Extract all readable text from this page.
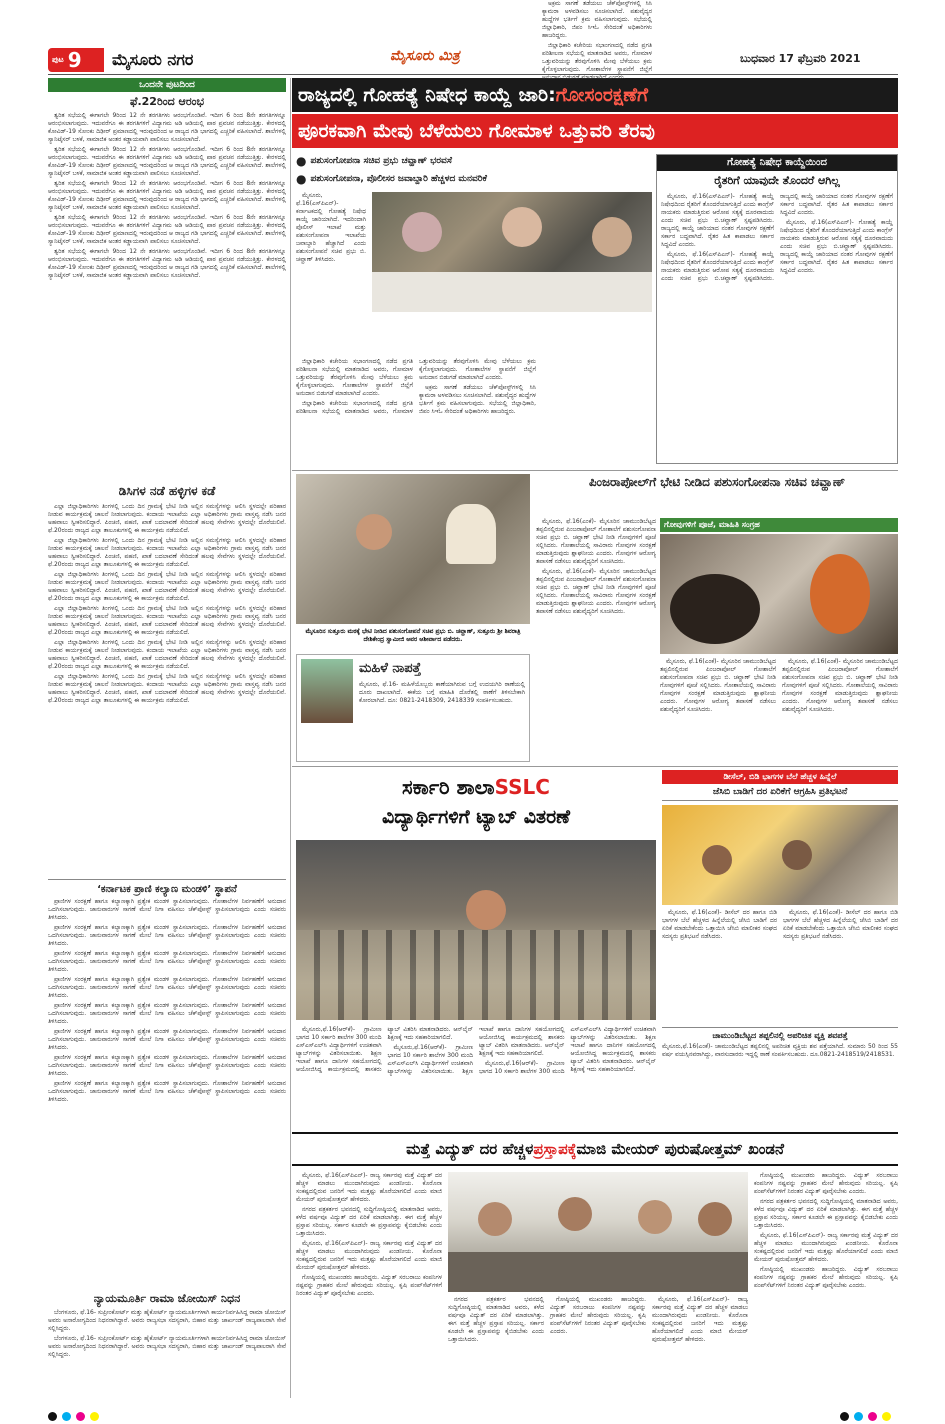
ಪುಟ 9 ಮೈಸೂರು ನಗರ	ಮೈಸೂರು ಮಿತ್ರ	ಬುಧವಾರ 17 ಫೆಬ್ರವರಿ 2021
ಒಂದನೇ ಪುಟದಿಂದ
ಫೆ.22ರಿಂದ ಆರಂಭ

ತ್ವರಿತ ಸಭೆಯಲ್ಲಿ ಈಗಾಗಲೇ 9ರಿಂದ 12 ನೇ ತರಗತಿಗಳು ಆರಂಭಗೊಂಡಿವೆ. ಇದೀಗ 6 ರಿಂದ 8ನೇ ತರಗತಿಗಳನ್ನೂ ಆರಂಭಿಸಲಾಗುವುದು. ಇದುವರೆಗೂ ಈ ತರಗತಿಗಳಿಗೆ ವಿದ್ಯಾಗಮ ಅಡಿ ಆಡಿಯಲ್ಲಿ ಪಾಠ ಪ್ರವಚನ ನಡೆಯುತ್ತಿತ್ತು. ಕೇರಳದಲ್ಲಿ ಕೋವಿಡ್-19 ಸೋಂಕು ದಿಢೀರ್ ಪ್ರಮಾಣದಲ್ಲಿ ಇರುವುದರಿಂದ ಆ ರಾಜ್ಯದ ಗಡಿ ಭಾಗದಲ್ಲಿ ಎಚ್ಚರಿಕೆ ವಹಿಸಲಾಗಿದೆ. ಶಾಲೆಗಳಲ್ಲಿ ಸ್ಯಾನಿಟೈಸರ್ ಬಳಕೆ, ಸಾಮಾಜಿಕ ಅಂತರ ಕಡ್ಡಾಯವಾಗಿ ಪಾಲಿಸಲು ಸೂಚಿಸಲಾಗಿದೆ.

ತ್ವರಿತ ಸಭೆಯಲ್ಲಿ ಈಗಾಗಲೇ 9ರಿಂದ 12 ನೇ ತರಗತಿಗಳು ಆರಂಭಗೊಂಡಿವೆ. ಇದೀಗ 6 ರಿಂದ 8ನೇ ತರಗತಿಗಳನ್ನೂ ಆರಂಭಿಸಲಾಗುವುದು. ಇದುವರೆಗೂ ಈ ತರಗತಿಗಳಿಗೆ ವಿದ್ಯಾಗಮ ಅಡಿ ಆಡಿಯಲ್ಲಿ ಪಾಠ ಪ್ರವಚನ ನಡೆಯುತ್ತಿತ್ತು. ಕೇರಳದಲ್ಲಿ ಕೋವಿಡ್-19 ಸೋಂಕು ದಿಢೀರ್ ಪ್ರಮಾಣದಲ್ಲಿ ಇರುವುದರಿಂದ ಆ ರಾಜ್ಯದ ಗಡಿ ಭಾಗದಲ್ಲಿ ಎಚ್ಚರಿಕೆ ವಹಿಸಲಾಗಿದೆ. ಶಾಲೆಗಳಲ್ಲಿ ಸ್ಯಾನಿಟೈಸರ್ ಬಳಕೆ, ಸಾಮಾಜಿಕ ಅಂತರ ಕಡ್ಡಾಯವಾಗಿ ಪಾಲಿಸಲು ಸೂಚಿಸಲಾಗಿದೆ.

ತ್ವರಿತ ಸಭೆಯಲ್ಲಿ ಈಗಾಗಲೇ 9ರಿಂದ 12 ನೇ ತರಗತಿಗಳು ಆರಂಭಗೊಂಡಿವೆ. ಇದೀಗ 6 ರಿಂದ 8ನೇ ತರಗತಿಗಳನ್ನೂ ಆರಂಭಿಸಲಾಗುವುದು. ಇದುವರೆಗೂ ಈ ತರಗತಿಗಳಿಗೆ ವಿದ್ಯಾಗಮ ಅಡಿ ಆಡಿಯಲ್ಲಿ ಪಾಠ ಪ್ರವಚನ ನಡೆಯುತ್ತಿತ್ತು. ಕೇರಳದಲ್ಲಿ ಕೋವಿಡ್-19 ಸೋಂಕು ದಿಢೀರ್ ಪ್ರಮಾಣದಲ್ಲಿ ಇರುವುದರಿಂದ ಆ ರಾಜ್ಯದ ಗಡಿ ಭಾಗದಲ್ಲಿ ಎಚ್ಚರಿಕೆ ವಹಿಸಲಾಗಿದೆ. ಶಾಲೆಗಳಲ್ಲಿ ಸ್ಯಾನಿಟೈಸರ್ ಬಳಕೆ, ಸಾಮಾಜಿಕ ಅಂತರ ಕಡ್ಡಾಯವಾಗಿ ಪಾಲಿಸಲು ಸೂಚಿಸಲಾಗಿದೆ.

ತ್ವರಿತ ಸಭೆಯಲ್ಲಿ ಈಗಾಗಲೇ 9ರಿಂದ 12 ನೇ ತರಗತಿಗಳು ಆರಂಭಗೊಂಡಿವೆ. ಇದೀಗ 6 ರಿಂದ 8ನೇ ತರಗತಿಗಳನ್ನೂ ಆರಂಭಿಸಲಾಗುವುದು. ಇದುವರೆಗೂ ಈ ತರಗತಿಗಳಿಗೆ ವಿದ್ಯಾಗಮ ಅಡಿ ಆಡಿಯಲ್ಲಿ ಪಾಠ ಪ್ರವಚನ ನಡೆಯುತ್ತಿತ್ತು. ಕೇರಳದಲ್ಲಿ ಕೋವಿಡ್-19 ಸೋಂಕು ದಿಢೀರ್ ಪ್ರಮಾಣದಲ್ಲಿ ಇರುವುದರಿಂದ ಆ ರಾಜ್ಯದ ಗಡಿ ಭಾಗದಲ್ಲಿ ಎಚ್ಚರಿಕೆ ವಹಿಸಲಾಗಿದೆ. ಶಾಲೆಗಳಲ್ಲಿ ಸ್ಯಾನಿಟೈಸರ್ ಬಳಕೆ, ಸಾಮಾಜಿಕ ಅಂತರ ಕಡ್ಡಾಯವಾಗಿ ಪಾಲಿಸಲು ಸೂಚಿಸಲಾಗಿದೆ.

ತ್ವರಿತ ಸಭೆಯಲ್ಲಿ ಈಗಾಗಲೇ 9ರಿಂದ 12 ನೇ ತರಗತಿಗಳು ಆರಂಭಗೊಂಡಿವೆ. ಇದೀಗ 6 ರಿಂದ 8ನೇ ತರಗತಿಗಳನ್ನೂ ಆರಂಭಿಸಲಾಗುವುದು. ಇದುವರೆಗೂ ಈ ತರಗತಿಗಳಿಗೆ ವಿದ್ಯಾಗಮ ಅಡಿ ಆಡಿಯಲ್ಲಿ ಪಾಠ ಪ್ರವಚನ ನಡೆಯುತ್ತಿತ್ತು. ಕೇರಳದಲ್ಲಿ ಕೋವಿಡ್-19 ಸೋಂಕು ದಿಢೀರ್ ಪ್ರಮಾಣದಲ್ಲಿ ಇರುವುದರಿಂದ ಆ ರಾಜ್ಯದ ಗಡಿ ಭಾಗದಲ್ಲಿ ಎಚ್ಚರಿಕೆ ವಹಿಸಲಾಗಿದೆ. ಶಾಲೆಗಳಲ್ಲಿ ಸ್ಯಾನಿಟೈಸರ್ ಬಳಕೆ, ಸಾಮಾಜಿಕ ಅಂತರ ಕಡ್ಡಾಯವಾಗಿ ಪಾಲಿಸಲು ಸೂಚಿಸಲಾಗಿದೆ.

ಡಿಸಿಗಳ ನಡೆ ಹಳ್ಳಿಗಳ ಕಡೆ

ಎಲ್ಲಾ ಜಿಲ್ಲಾಧಿಕಾರಿಗಳು ತಿಂಗಳಲ್ಲಿ ಒಂದು ದಿನ ಗ್ರಾಮಕ್ಕೆ ಭೇಟಿ ನೀಡಿ ಅಲ್ಲಿನ ಸಮಸ್ಯೆಗಳನ್ನು ಆಲಿಸಿ ಸ್ಥಳದಲ್ಲೇ ಪರಿಹಾರ ನೀಡುವ ಕಾರ್ಯಕ್ರಮಕ್ಕೆ ಚಾಲನೆ ನೀಡಲಾಗುವುದು. ಕಂದಾಯ ಇಲಾಖೆಯ ಎಲ್ಲಾ ಅಧಿಕಾರಿಗಳು ಗ್ರಾಮ ವಾಸ್ತವ್ಯ ನಡೆಸಿ ಜನರ ಅಹವಾಲು ಸ್ವೀಕರಿಸಲಿದ್ದಾರೆ. ಪಿಂಚಣಿ, ಪಹಣಿ, ಖಾತೆ ಬದಲಾವಣೆ ಸೇರಿದಂತೆ ಹಲವು ಸೇವೆಗಳು ಸ್ಥಳದಲ್ಲೇ ದೊರೆಯಲಿವೆ. ಫೆ.20ರಂದು ರಾಜ್ಯದ ಎಲ್ಲಾ ತಾಲೂಕುಗಳಲ್ಲಿ ಈ ಕಾರ್ಯಕ್ರಮ ನಡೆಯಲಿದೆ.

ಎಲ್ಲಾ ಜಿಲ್ಲಾಧಿಕಾರಿಗಳು ತಿಂಗಳಲ್ಲಿ ಒಂದು ದಿನ ಗ್ರಾಮಕ್ಕೆ ಭೇಟಿ ನೀಡಿ ಅಲ್ಲಿನ ಸಮಸ್ಯೆಗಳನ್ನು ಆಲಿಸಿ ಸ್ಥಳದಲ್ಲೇ ಪರಿಹಾರ ನೀಡುವ ಕಾರ್ಯಕ್ರಮಕ್ಕೆ ಚಾಲನೆ ನೀಡಲಾಗುವುದು. ಕಂದಾಯ ಇಲಾಖೆಯ ಎಲ್ಲಾ ಅಧಿಕಾರಿಗಳು ಗ್ರಾಮ ವಾಸ್ತವ್ಯ ನಡೆಸಿ ಜನರ ಅಹವಾಲು ಸ್ವೀಕರಿಸಲಿದ್ದಾರೆ. ಪಿಂಚಣಿ, ಪಹಣಿ, ಖಾತೆ ಬದಲಾವಣೆ ಸೇರಿದಂತೆ ಹಲವು ಸೇವೆಗಳು ಸ್ಥಳದಲ್ಲೇ ದೊರೆಯಲಿವೆ. ಫೆ.20ರಂದು ರಾಜ್ಯದ ಎಲ್ಲಾ ತಾಲೂಕುಗಳಲ್ಲಿ ಈ ಕಾರ್ಯಕ್ರಮ ನಡೆಯಲಿದೆ.

ಎಲ್ಲಾ ಜಿಲ್ಲಾಧಿಕಾರಿಗಳು ತಿಂಗಳಲ್ಲಿ ಒಂದು ದಿನ ಗ್ರಾಮಕ್ಕೆ ಭೇಟಿ ನೀಡಿ ಅಲ್ಲಿನ ಸಮಸ್ಯೆಗಳನ್ನು ಆಲಿಸಿ ಸ್ಥಳದಲ್ಲೇ ಪರಿಹಾರ ನೀಡುವ ಕಾರ್ಯಕ್ರಮಕ್ಕೆ ಚಾಲನೆ ನೀಡಲಾಗುವುದು. ಕಂದಾಯ ಇಲಾಖೆಯ ಎಲ್ಲಾ ಅಧಿಕಾರಿಗಳು ಗ್ರಾಮ ವಾಸ್ತವ್ಯ ನಡೆಸಿ ಜನರ ಅಹವಾಲು ಸ್ವೀಕರಿಸಲಿದ್ದಾರೆ. ಪಿಂಚಣಿ, ಪಹಣಿ, ಖಾತೆ ಬದಲಾವಣೆ ಸೇರಿದಂತೆ ಹಲವು ಸೇವೆಗಳು ಸ್ಥಳದಲ್ಲೇ ದೊರೆಯಲಿವೆ. ಫೆ.20ರಂದು ರಾಜ್ಯದ ಎಲ್ಲಾ ತಾಲೂಕುಗಳಲ್ಲಿ ಈ ಕಾರ್ಯಕ್ರಮ ನಡೆಯಲಿದೆ.

ಎಲ್ಲಾ ಜಿಲ್ಲಾಧಿಕಾರಿಗಳು ತಿಂಗಳಲ್ಲಿ ಒಂದು ದಿನ ಗ್ರಾಮಕ್ಕೆ ಭೇಟಿ ನೀಡಿ ಅಲ್ಲಿನ ಸಮಸ್ಯೆಗಳನ್ನು ಆಲಿಸಿ ಸ್ಥಳದಲ್ಲೇ ಪರಿಹಾರ ನೀಡುವ ಕಾರ್ಯಕ್ರಮಕ್ಕೆ ಚಾಲನೆ ನೀಡಲಾಗುವುದು. ಕಂದಾಯ ಇಲಾಖೆಯ ಎಲ್ಲಾ ಅಧಿಕಾರಿಗಳು ಗ್ರಾಮ ವಾಸ್ತವ್ಯ ನಡೆಸಿ ಜನರ ಅಹವಾಲು ಸ್ವೀಕರಿಸಲಿದ್ದಾರೆ. ಪಿಂಚಣಿ, ಪಹಣಿ, ಖಾತೆ ಬದಲಾವಣೆ ಸೇರಿದಂತೆ ಹಲವು ಸೇವೆಗಳು ಸ್ಥಳದಲ್ಲೇ ದೊರೆಯಲಿವೆ. ಫೆ.20ರಂದು ರಾಜ್ಯದ ಎಲ್ಲಾ ತಾಲೂಕುಗಳಲ್ಲಿ ಈ ಕಾರ್ಯಕ್ರಮ ನಡೆಯಲಿದೆ.

ಎಲ್ಲಾ ಜಿಲ್ಲಾಧಿಕಾರಿಗಳು ತಿಂಗಳಲ್ಲಿ ಒಂದು ದಿನ ಗ್ರಾಮಕ್ಕೆ ಭೇಟಿ ನೀಡಿ ಅಲ್ಲಿನ ಸಮಸ್ಯೆಗಳನ್ನು ಆಲಿಸಿ ಸ್ಥಳದಲ್ಲೇ ಪರಿಹಾರ ನೀಡುವ ಕಾರ್ಯಕ್ರಮಕ್ಕೆ ಚಾಲನೆ ನೀಡಲಾಗುವುದು. ಕಂದಾಯ ಇಲಾಖೆಯ ಎಲ್ಲಾ ಅಧಿಕಾರಿಗಳು ಗ್ರಾಮ ವಾಸ್ತವ್ಯ ನಡೆಸಿ ಜನರ ಅಹವಾಲು ಸ್ವೀಕರಿಸಲಿದ್ದಾರೆ. ಪಿಂಚಣಿ, ಪಹಣಿ, ಖಾತೆ ಬದಲಾವಣೆ ಸೇರಿದಂತೆ ಹಲವು ಸೇವೆಗಳು ಸ್ಥಳದಲ್ಲೇ ದೊರೆಯಲಿವೆ. ಫೆ.20ರಂದು ರಾಜ್ಯದ ಎಲ್ಲಾ ತಾಲೂಕುಗಳಲ್ಲಿ ಈ ಕಾರ್ಯಕ್ರಮ ನಡೆಯಲಿದೆ.

ಎಲ್ಲಾ ಜಿಲ್ಲಾಧಿಕಾರಿಗಳು ತಿಂಗಳಲ್ಲಿ ಒಂದು ದಿನ ಗ್ರಾಮಕ್ಕೆ ಭೇಟಿ ನೀಡಿ ಅಲ್ಲಿನ ಸಮಸ್ಯೆಗಳನ್ನು ಆಲಿಸಿ ಸ್ಥಳದಲ್ಲೇ ಪರಿಹಾರ ನೀಡುವ ಕಾರ್ಯಕ್ರಮಕ್ಕೆ ಚಾಲನೆ ನೀಡಲಾಗುವುದು. ಕಂದಾಯ ಇಲಾಖೆಯ ಎಲ್ಲಾ ಅಧಿಕಾರಿಗಳು ಗ್ರಾಮ ವಾಸ್ತವ್ಯ ನಡೆಸಿ ಜನರ ಅಹವಾಲು ಸ್ವೀಕರಿಸಲಿದ್ದಾರೆ. ಪಿಂಚಣಿ, ಪಹಣಿ, ಖಾತೆ ಬದಲಾವಣೆ ಸೇರಿದಂತೆ ಹಲವು ಸೇವೆಗಳು ಸ್ಥಳದಲ್ಲೇ ದೊರೆಯಲಿವೆ. ಫೆ.20ರಂದು ರಾಜ್ಯದ ಎಲ್ಲಾ ತಾಲೂಕುಗಳಲ್ಲಿ ಈ ಕಾರ್ಯಕ್ರಮ ನಡೆಯಲಿದೆ.

‘ಕರ್ನಾಟಕ ಪ್ರಾಣಿ ಕಲ್ಯಾಣ ಮಂಡಳಿ’ ಸ್ಥಾಪನೆ

ಪ್ರಾಣಿಗಳ ಸಂರಕ್ಷಣೆ ಹಾಗೂ ಕಲ್ಯಾಣಕ್ಕಾಗಿ ಪ್ರತ್ಯೇಕ ಮಂಡಳಿ ಸ್ಥಾಪಿಸಲಾಗುವುದು. ಗೋಶಾಲೆಗಳ ನಿರ್ವಹಣೆಗೆ ಅನುದಾನ ಒದಗಿಸಲಾಗುವುದು. ಜಾನುವಾರುಗಳ ಸಾಗಣೆ ಮೇಲೆ ನಿಗಾ ವಹಿಸಲು ಚೆಕ್‌ಪೋಸ್ಟ್ ಸ್ಥಾಪಿಸಲಾಗುವುದು ಎಂದು ಸಚಿವರು ತಿಳಿಸಿದರು.

ಪ್ರಾಣಿಗಳ ಸಂರಕ್ಷಣೆ ಹಾಗೂ ಕಲ್ಯಾಣಕ್ಕಾಗಿ ಪ್ರತ್ಯೇಕ ಮಂಡಳಿ ಸ್ಥಾಪಿಸಲಾಗುವುದು. ಗೋಶಾಲೆಗಳ ನಿರ್ವಹಣೆಗೆ ಅನುದಾನ ಒದಗಿಸಲಾಗುವುದು. ಜಾನುವಾರುಗಳ ಸಾಗಣೆ ಮೇಲೆ ನಿಗಾ ವಹಿಸಲು ಚೆಕ್‌ಪೋಸ್ಟ್ ಸ್ಥಾಪಿಸಲಾಗುವುದು ಎಂದು ಸಚಿವರು ತಿಳಿಸಿದರು.

ಪ್ರಾಣಿಗಳ ಸಂರಕ್ಷಣೆ ಹಾಗೂ ಕಲ್ಯಾಣಕ್ಕಾಗಿ ಪ್ರತ್ಯೇಕ ಮಂಡಳಿ ಸ್ಥಾಪಿಸಲಾಗುವುದು. ಗೋಶಾಲೆಗಳ ನಿರ್ವಹಣೆಗೆ ಅನುದಾನ ಒದಗಿಸಲಾಗುವುದು. ಜಾನುವಾರುಗಳ ಸಾಗಣೆ ಮೇಲೆ ನಿಗಾ ವಹಿಸಲು ಚೆಕ್‌ಪೋಸ್ಟ್ ಸ್ಥಾಪಿಸಲಾಗುವುದು ಎಂದು ಸಚಿವರು ತಿಳಿಸಿದರು.

ಪ್ರಾಣಿಗಳ ಸಂರಕ್ಷಣೆ ಹಾಗೂ ಕಲ್ಯಾಣಕ್ಕಾಗಿ ಪ್ರತ್ಯೇಕ ಮಂಡಳಿ ಸ್ಥಾಪಿಸಲಾಗುವುದು. ಗೋಶಾಲೆಗಳ ನಿರ್ವಹಣೆಗೆ ಅನುದಾನ ಒದಗಿಸಲಾಗುವುದು. ಜಾನುವಾರುಗಳ ಸಾಗಣೆ ಮೇಲೆ ನಿಗಾ ವಹಿಸಲು ಚೆಕ್‌ಪೋಸ್ಟ್ ಸ್ಥಾಪಿಸಲಾಗುವುದು ಎಂದು ಸಚಿವರು ತಿಳಿಸಿದರು.

ಪ್ರಾಣಿಗಳ ಸಂರಕ್ಷಣೆ ಹಾಗೂ ಕಲ್ಯಾಣಕ್ಕಾಗಿ ಪ್ರತ್ಯೇಕ ಮಂಡಳಿ ಸ್ಥಾಪಿಸಲಾಗುವುದು. ಗೋಶಾಲೆಗಳ ನಿರ್ವಹಣೆಗೆ ಅನುದಾನ ಒದಗಿಸಲಾಗುವುದು. ಜಾನುವಾರುಗಳ ಸಾಗಣೆ ಮೇಲೆ ನಿಗಾ ವಹಿಸಲು ಚೆಕ್‌ಪೋಸ್ಟ್ ಸ್ಥಾಪಿಸಲಾಗುವುದು ಎಂದು ಸಚಿವರು ತಿಳಿಸಿದರು.

ಪ್ರಾಣಿಗಳ ಸಂರಕ್ಷಣೆ ಹಾಗೂ ಕಲ್ಯಾಣಕ್ಕಾಗಿ ಪ್ರತ್ಯೇಕ ಮಂಡಳಿ ಸ್ಥಾಪಿಸಲಾಗುವುದು. ಗೋಶಾಲೆಗಳ ನಿರ್ವಹಣೆಗೆ ಅನುದಾನ ಒದಗಿಸಲಾಗುವುದು. ಜಾನುವಾರುಗಳ ಸಾಗಣೆ ಮೇಲೆ ನಿಗಾ ವಹಿಸಲು ಚೆಕ್‌ಪೋಸ್ಟ್ ಸ್ಥಾಪಿಸಲಾಗುವುದು ಎಂದು ಸಚಿವರು ತಿಳಿಸಿದರು.

ಪ್ರಾಣಿಗಳ ಸಂರಕ್ಷಣೆ ಹಾಗೂ ಕಲ್ಯಾಣಕ್ಕಾಗಿ ಪ್ರತ್ಯೇಕ ಮಂಡಳಿ ಸ್ಥಾಪಿಸಲಾಗುವುದು. ಗೋಶಾಲೆಗಳ ನಿರ್ವಹಣೆಗೆ ಅನುದಾನ ಒದಗಿಸಲಾಗುವುದು. ಜಾನುವಾರುಗಳ ಸಾಗಣೆ ಮೇಲೆ ನಿಗಾ ವಹಿಸಲು ಚೆಕ್‌ಪೋಸ್ಟ್ ಸ್ಥಾಪಿಸಲಾಗುವುದು ಎಂದು ಸಚಿವರು ತಿಳಿಸಿದರು.

ಪ್ರಾಣಿಗಳ ಸಂರಕ್ಷಣೆ ಹಾಗೂ ಕಲ್ಯಾಣಕ್ಕಾಗಿ ಪ್ರತ್ಯೇಕ ಮಂಡಳಿ ಸ್ಥಾಪಿಸಲಾಗುವುದು. ಗೋಶಾಲೆಗಳ ನಿರ್ವಹಣೆಗೆ ಅನುದಾನ ಒದಗಿಸಲಾಗುವುದು. ಜಾನುವಾರುಗಳ ಸಾಗಣೆ ಮೇಲೆ ನಿಗಾ ವಹಿಸಲು ಚೆಕ್‌ಪೋಸ್ಟ್ ಸ್ಥಾಪಿಸಲಾಗುವುದು ಎಂದು ಸಚಿವರು ತಿಳಿಸಿದರು.

ನ್ಯಾಯಮೂರ್ತಿ ರಾಮಾ ಜೋಯಿಸ್ ನಿಧನ

ಬೆಂಗಳೂರು, ಫೆ.16- ಸುಪ್ರೀಂಕೋರ್ಟ್ ಮತ್ತು ಹೈಕೋರ್ಟ್ ನ್ಯಾಯಮೂರ್ತಿಗಳಾಗಿ ಕಾರ್ಯನಿರ್ವಹಿಸಿದ್ದ ರಾಮಾ ಜೋಯಿಸ್ ಅವರು ಅನಾರೋಗ್ಯದಿಂದ ನಿಧನರಾಗಿದ್ದಾರೆ. ಅವರು ರಾಜ್ಯಸಭಾ ಸದಸ್ಯರಾಗಿ, ಬಿಹಾರ ಮತ್ತು ಜಾರ್ಖಂಡ್ ರಾಜ್ಯಪಾಲರಾಗಿ ಸೇವೆ ಸಲ್ಲಿಸಿದ್ದರು.

ಬೆಂಗಳೂರು, ಫೆ.16- ಸುಪ್ರೀಂಕೋರ್ಟ್ ಮತ್ತು ಹೈಕೋರ್ಟ್ ನ್ಯಾಯಮೂರ್ತಿಗಳಾಗಿ ಕಾರ್ಯನಿರ್ವಹಿಸಿದ್ದ ರಾಮಾ ಜೋಯಿಸ್ ಅವರು ಅನಾರೋಗ್ಯದಿಂದ ನಿಧನರಾಗಿದ್ದಾರೆ. ಅವರು ರಾಜ್ಯಸಭಾ ಸದಸ್ಯರಾಗಿ, ಬಿಹಾರ ಮತ್ತು ಜಾರ್ಖಂಡ್ ರಾಜ್ಯಪಾಲರಾಗಿ ಸೇವೆ ಸಲ್ಲಿಸಿದ್ದರು.

ರಾಜ್ಯದಲ್ಲಿ ಗೋಹತ್ಯೆ ನಿಷೇಧ ಕಾಯ್ದೆ ಜಾರಿ: ಗೋಸಂರಕ್ಷಣೆಗೆ
ಪೂರಕವಾಗಿ ಮೇವು ಬೆಳೆಯಲು ಗೋಮಾಳ ಒತ್ತುವರಿ ತೆರವು
● ಪಶುಸಂಗೋಪನಾ ಸಚಿವ ಪ್ರಭು ಚವ್ಹಾಣ್ ಭರವಸೆ
● ಪಶುಸಂಗೋಪನಾ, ಪೊಲೀಸರ ಜವಾಬ್ದಾರಿ ಹೆಚ್ಚಳದ ಮನವರಿಕೆ

ಮೈಸೂರು, ಫೆ.16(ಎಸ್‌ಪಿಎನ್)- ಕರ್ನಾಟಕದಲ್ಲಿ ಗೋಹತ್ಯೆ ನಿಷೇಧ ಕಾಯ್ದೆ ಜಾರಿಯಾಗಿದೆ. ಇದರಿಂದಾಗಿ ಪೊಲೀಸ್ ಇಲಾಖೆ ಮತ್ತು ಪಶುಸಂಗೋಪನಾ ಇಲಾಖೆಯ ಜವಾಬ್ದಾರಿ ಹೆಚ್ಚಾಗಿದೆ ಎಂದು ಪಶುಸಂಗೋಪನೆ ಸಚಿವ ಪ್ರಭು ಬಿ. ಚವ್ಹಾಣ್ ತಿಳಿಸಿದರು.

ಜಿಲ್ಲಾಧಿಕಾರಿ ಕಚೇರಿಯ ಸಭಾಂಗಣದಲ್ಲಿ ನಡೆದ ಪ್ರಗತಿ ಪರಿಶೀಲನಾ ಸಭೆಯಲ್ಲಿ ಮಾತನಾಡಿದ ಅವರು, ಗೋಮಾಳ ಒತ್ತುವರಿಯನ್ನು ತೆರವುಗೊಳಿಸಿ ಮೇವು ಬೆಳೆಯಲು ಕ್ರಮ ಕೈಗೊಳ್ಳಲಾಗುವುದು. ಗೋಶಾಲೆಗಳ ಸ್ಥಾಪನೆಗೆ ಜಿಲ್ಲೆಗೆ ಅನುದಾನ ಬಿಡುಗಡೆ ಮಾಡಲಾಗಿದೆ ಎಂದರು.

ಜಿಲ್ಲಾಧಿಕಾರಿ ಕಚೇರಿಯ ಸಭಾಂಗಣದಲ್ಲಿ ನಡೆದ ಪ್ರಗತಿ ಪರಿಶೀಲನಾ ಸಭೆಯಲ್ಲಿ ಮಾತನಾಡಿದ ಅವರು, ಗೋಮಾಳ ಒತ್ತುವರಿಯನ್ನು ತೆರವುಗೊಳಿಸಿ ಮೇವು ಬೆಳೆಯಲು ಕ್ರಮ ಕೈಗೊಳ್ಳಲಾಗುವುದು. ಗೋಶಾಲೆಗಳ ಸ್ಥಾಪನೆಗೆ ಜಿಲ್ಲೆಗೆ ಅನುದಾನ ಬಿಡುಗಡೆ ಮಾಡಲಾಗಿದೆ ಎಂದರು.

ಅಕ್ರಮ ಸಾಗಣೆ ತಡೆಯಲು ಚೆಕ್‌ಪೋಸ್ಟ್‌ಗಳಲ್ಲಿ ಸಿಸಿ ಕ್ಯಾಮರಾ ಅಳವಡಿಸಲು ಸೂಚಿಸಲಾಗಿದೆ. ಪಶುವೈದ್ಯರ ಹುದ್ದೆಗಳ ಭರ್ತಿಗೆ ಕ್ರಮ ವಹಿಸಲಾಗುವುದು. ಸಭೆಯಲ್ಲಿ ಜಿಲ್ಲಾಧಿಕಾರಿ, ಜಿಪಂ ಸಿಇಓ ಸೇರಿದಂತೆ ಅಧಿಕಾರಿಗಳು ಹಾಜರಿದ್ದರು.

ಅಕ್ರಮ ಸಾಗಣೆ ತಡೆಯಲು ಚೆಕ್‌ಪೋಸ್ಟ್‌ಗಳಲ್ಲಿ ಸಿಸಿ ಕ್ಯಾಮರಾ ಅಳವಡಿಸಲು ಸೂಚಿಸಲಾಗಿದೆ. ಪಶುವೈದ್ಯರ ಹುದ್ದೆಗಳ ಭರ್ತಿಗೆ ಕ್ರಮ ವಹಿಸಲಾಗುವುದು. ಸಭೆಯಲ್ಲಿ ಜಿಲ್ಲಾಧಿಕಾರಿ, ಜಿಪಂ ಸಿಇಓ ಸೇರಿದಂತೆ ಅಧಿಕಾರಿಗಳು ಹಾಜರಿದ್ದರು.

ಜಿಲ್ಲಾಧಿಕಾರಿ ಕಚೇರಿಯ ಸಭಾಂಗಣದಲ್ಲಿ ನಡೆದ ಪ್ರಗತಿ ಪರಿಶೀಲನಾ ಸಭೆಯಲ್ಲಿ ಮಾತನಾಡಿದ ಅವರು, ಗೋಮಾಳ ಒತ್ತುವರಿಯನ್ನು ತೆರವುಗೊಳಿಸಿ ಮೇವು ಬೆಳೆಯಲು ಕ್ರಮ ಕೈಗೊಳ್ಳಲಾಗುವುದು. ಗೋಶಾಲೆಗಳ ಸ್ಥಾಪನೆಗೆ ಜಿಲ್ಲೆಗೆ ಅನುದಾನ ಬಿಡುಗಡೆ ಮಾಡಲಾಗಿದೆ ಎಂದರು.

ಗೋಹತ್ಯೆ ನಿಷೇಧ ಕಾಯ್ದೆಯಿಂದ
ರೈತರಿಗೆ ಯಾವುದೇ ತೊಂದರೆ ಆಗಿಲ್ಲ

ಮೈಸೂರು, ಫೆ.16(ಎಸ್‌ಪಿಎನ್)- ಗೋಹತ್ಯೆ ಕಾಯ್ದೆ ನಿಷೇಧದಿಂದ ರೈತರಿಗೆ ತೊಂದರೆಯಾಗುತ್ತಿದೆ ಎಂದು ಕಾಂಗ್ರೆಸ್ ನಾಯಕರು ಮಾಡುತ್ತಿರುವ ಆರೋಪ ಸತ್ಯಕ್ಕೆ ದೂರವಾದುದು ಎಂದು ಸಚಿವ ಪ್ರಭು ಬಿ.ಚವ್ಹಾಣ್ ಸ್ಪಷ್ಟಪಡಿಸಿದರು. ರಾಜ್ಯದಲ್ಲಿ ಕಾಯ್ದೆ ಜಾರಿಯಾದ ನಂತರ ಗೋವುಗಳ ರಕ್ಷಣೆಗೆ ಸರ್ಕಾರ ಬದ್ಧವಾಗಿದೆ. ರೈತರ ಹಿತ ಕಾಪಾಡಲು ಸರ್ಕಾರ ಸಿದ್ಧವಿದೆ ಎಂದರು.

ಮೈಸೂರು, ಫೆ.16(ಎಸ್‌ಪಿಎನ್)- ಗೋಹತ್ಯೆ ಕಾಯ್ದೆ ನಿಷೇಧದಿಂದ ರೈತರಿಗೆ ತೊಂದರೆಯಾಗುತ್ತಿದೆ ಎಂದು ಕಾಂಗ್ರೆಸ್ ನಾಯಕರು ಮಾಡುತ್ತಿರುವ ಆರೋಪ ಸತ್ಯಕ್ಕೆ ದೂರವಾದುದು ಎಂದು ಸಚಿವ ಪ್ರಭು ಬಿ.ಚವ್ಹಾಣ್ ಸ್ಪಷ್ಟಪಡಿಸಿದರು. ರಾಜ್ಯದಲ್ಲಿ ಕಾಯ್ದೆ ಜಾರಿಯಾದ ನಂತರ ಗೋವುಗಳ ರಕ್ಷಣೆಗೆ ಸರ್ಕಾರ ಬದ್ಧವಾಗಿದೆ. ರೈತರ ಹಿತ ಕಾಪಾಡಲು ಸರ್ಕಾರ ಸಿದ್ಧವಿದೆ ಎಂದರು.

ಮೈಸೂರು, ಫೆ.16(ಎಸ್‌ಪಿಎನ್)- ಗೋಹತ್ಯೆ ಕಾಯ್ದೆ ನಿಷೇಧದಿಂದ ರೈತರಿಗೆ ತೊಂದರೆಯಾಗುತ್ತಿದೆ ಎಂದು ಕಾಂಗ್ರೆಸ್ ನಾಯಕರು ಮಾಡುತ್ತಿರುವ ಆರೋಪ ಸತ್ಯಕ್ಕೆ ದೂರವಾದುದು ಎಂದು ಸಚಿವ ಪ್ರಭು ಬಿ.ಚವ್ಹಾಣ್ ಸ್ಪಷ್ಟಪಡಿಸಿದರು. ರಾಜ್ಯದಲ್ಲಿ ಕಾಯ್ದೆ ಜಾರಿಯಾದ ನಂತರ ಗೋವುಗಳ ರಕ್ಷಣೆಗೆ ಸರ್ಕಾರ ಬದ್ಧವಾಗಿದೆ. ರೈತರ ಹಿತ ಕಾಪಾಡಲು ಸರ್ಕಾರ ಸಿದ್ಧವಿದೆ ಎಂದರು.

ಮೈಸೂರಿನ ಸುತ್ತೂರು ಮಠಕ್ಕೆ ಭೇಟಿ ನೀಡಿದ ಪಶುಸಂಗೋಪನೆ ಸಚಿವ ಪ್ರಭು ಬಿ. ಚವ್ಹಾಣ್, ಸುತ್ತೂರು ಶ್ರೀ ಶಿವರಾತ್ರಿ ದೇಶಿಕೇಂದ್ರ ಸ್ವಾಮೀಜಿ ಅವರ ಆಶೀರ್ವಾದ ಪಡೆದರು.
ಮಹಿಳೆ ನಾಪತ್ತೆ
ಮೈಸೂರು, ಫೆ.16- ಮಹಿಳೆಯೊಬ್ಬರು ಕಾಣೆಯಾಗಿರುವ ಬಗ್ಗೆ ಉದಯಗಿರಿ ಠಾಣೆಯಲ್ಲಿ ದೂರು ದಾಖಲಾಗಿದೆ. ಈಕೆಯ ಬಗ್ಗೆ ಮಾಹಿತಿ ದೊರೆತಲ್ಲಿ ಠಾಣೆಗೆ ತಿಳಿಸಬೇಕಾಗಿ ಕೋರಲಾಗಿದೆ. ದೂ: 0821-2418309, 2418339 ಸಂಪರ್ಕಿಸಬಹುದು.
ಪಿಂಜರಾಪೋಲ್‌ಗೆ ಭೇಟಿ ನೀಡಿದ ಪಶುಸಂಗೋಪನಾ ಸಚಿವ ಚವ್ಹಾಣ್

ಮೈಸೂರು, ಫೆ.16(ಎಂಕೆ)- ಮೈಸೂರಿನ ಚಾಮುಂಡಿಬೆಟ್ಟದ ತಪ್ಪಲಿನಲ್ಲಿರುವ ಪಿಂಜರಾಪೋಲ್ ಗೋಶಾಲೆಗೆ ಪಶುಸಂಗೋಪನಾ ಸಚಿವ ಪ್ರಭು ಬಿ. ಚವ್ಹಾಣ್ ಭೇಟಿ ನೀಡಿ ಗೋವುಗಳಿಗೆ ಪೂಜೆ ಸಲ್ಲಿಸಿದರು. ಗೋಶಾಲೆಯಲ್ಲಿ ಸಾವಿರಾರು ಗೋವುಗಳ ಸಂರಕ್ಷಣೆ ಮಾಡುತ್ತಿರುವುದು ಶ್ಲಾಘನೀಯ ಎಂದರು. ಗೋವುಗಳ ಆರೋಗ್ಯ ತಪಾಸಣೆ ನಡೆಸಲು ಪಶುವೈದ್ಯರಿಗೆ ಸೂಚಿಸಿದರು.

ಮೈಸೂರು, ಫೆ.16(ಎಂಕೆ)- ಮೈಸೂರಿನ ಚಾಮುಂಡಿಬೆಟ್ಟದ ತಪ್ಪಲಿನಲ್ಲಿರುವ ಪಿಂಜರಾಪೋಲ್ ಗೋಶಾಲೆಗೆ ಪಶುಸಂಗೋಪನಾ ಸಚಿವ ಪ್ರಭು ಬಿ. ಚವ್ಹಾಣ್ ಭೇಟಿ ನೀಡಿ ಗೋವುಗಳಿಗೆ ಪೂಜೆ ಸಲ್ಲಿಸಿದರು. ಗೋಶಾಲೆಯಲ್ಲಿ ಸಾವಿರಾರು ಗೋವುಗಳ ಸಂರಕ್ಷಣೆ ಮಾಡುತ್ತಿರುವುದು ಶ್ಲಾಘನೀಯ ಎಂದರು. ಗೋವುಗಳ ಆರೋಗ್ಯ ತಪಾಸಣೆ ನಡೆಸಲು ಪಶುವೈದ್ಯರಿಗೆ ಸೂಚಿಸಿದರು.

ಗೋವುಗಳಿಗೆ ಪೂಜೆ, ಮಾಹಿತಿ ಸಂಗ್ರಹ

ಮೈಸೂರು, ಫೆ.16(ಎಂಕೆ)- ಮೈಸೂರಿನ ಚಾಮುಂಡಿಬೆಟ್ಟದ ತಪ್ಪಲಿನಲ್ಲಿರುವ ಪಿಂಜರಾಪೋಲ್ ಗೋಶಾಲೆಗೆ ಪಶುಸಂಗೋಪನಾ ಸಚಿವ ಪ್ರಭು ಬಿ. ಚವ್ಹಾಣ್ ಭೇಟಿ ನೀಡಿ ಗೋವುಗಳಿಗೆ ಪೂಜೆ ಸಲ್ಲಿಸಿದರು. ಗೋಶಾಲೆಯಲ್ಲಿ ಸಾವಿರಾರು ಗೋವುಗಳ ಸಂರಕ್ಷಣೆ ಮಾಡುತ್ತಿರುವುದು ಶ್ಲಾಘನೀಯ ಎಂದರು. ಗೋವುಗಳ ಆರೋಗ್ಯ ತಪಾಸಣೆ ನಡೆಸಲು ಪಶುವೈದ್ಯರಿಗೆ ಸೂಚಿಸಿದರು.

ಮೈಸೂರು, ಫೆ.16(ಎಂಕೆ)- ಮೈಸೂರಿನ ಚಾಮುಂಡಿಬೆಟ್ಟದ ತಪ್ಪಲಿನಲ್ಲಿರುವ ಪಿಂಜರಾಪೋಲ್ ಗೋಶಾಲೆಗೆ ಪಶುಸಂಗೋಪನಾ ಸಚಿವ ಪ್ರಭು ಬಿ. ಚವ್ಹಾಣ್ ಭೇಟಿ ನೀಡಿ ಗೋವುಗಳಿಗೆ ಪೂಜೆ ಸಲ್ಲಿಸಿದರು. ಗೋಶಾಲೆಯಲ್ಲಿ ಸಾವಿರಾರು ಗೋವುಗಳ ಸಂರಕ್ಷಣೆ ಮಾಡುತ್ತಿರುವುದು ಶ್ಲಾಘನೀಯ ಎಂದರು. ಗೋವುಗಳ ಆರೋಗ್ಯ ತಪಾಸಣೆ ನಡೆಸಲು ಪಶುವೈದ್ಯರಿಗೆ ಸೂಚಿಸಿದರು.

ಸರ್ಕಾರಿ ಶಾಲಾ SSLC
ವಿದ್ಯಾರ್ಥಿಗಳಿಗೆ ಟ್ಯಾಬ್ ವಿತರಣೆ

ಮೈಸೂರು,ಫೆ.16(ಆರ್‌ಕೆ)- ಗ್ರಾಮೀಣ ಭಾಗದ 10 ಸರ್ಕಾರಿ ಶಾಲೆಗಳ 300 ಮಂದಿ ಎಸ್‌ಎಸ್‌ಎಲ್‌ಸಿ ವಿದ್ಯಾರ್ಥಿಗಳಿಗೆ ಉಚಿತವಾಗಿ ಟ್ಯಾಬ್‌ಗಳನ್ನು ವಿತರಿಸಲಾಯಿತು. ಶಿಕ್ಷಣ ಇಲಾಖೆ ಹಾಗೂ ದಾನಿಗಳ ಸಹಯೋಗದಲ್ಲಿ ಆಯೋಜಿಸಿದ್ದ ಕಾರ್ಯಕ್ರಮದಲ್ಲಿ ಶಾಸಕರು ಟ್ಯಾಬ್ ವಿತರಿಸಿ ಮಾತನಾಡಿದರು. ಆನ್‌ಲೈನ್ ಶಿಕ್ಷಣಕ್ಕೆ ಇದು ಸಹಕಾರಿಯಾಗಲಿದೆ.

ಮೈಸೂರು,ಫೆ.16(ಆರ್‌ಕೆ)- ಗ್ರಾಮೀಣ ಭಾಗದ 10 ಸರ್ಕಾರಿ ಶಾಲೆಗಳ 300 ಮಂದಿ ಎಸ್‌ಎಸ್‌ಎಲ್‌ಸಿ ವಿದ್ಯಾರ್ಥಿಗಳಿಗೆ ಉಚಿತವಾಗಿ ಟ್ಯಾಬ್‌ಗಳನ್ನು ವಿತರಿಸಲಾಯಿತು. ಶಿಕ್ಷಣ ಇಲಾಖೆ ಹಾಗೂ ದಾನಿಗಳ ಸಹಯೋಗದಲ್ಲಿ ಆಯೋಜಿಸಿದ್ದ ಕಾರ್ಯಕ್ರಮದಲ್ಲಿ ಶಾಸಕರು ಟ್ಯಾಬ್ ವಿತರಿಸಿ ಮಾತನಾಡಿದರು. ಆನ್‌ಲೈನ್ ಶಿಕ್ಷಣಕ್ಕೆ ಇದು ಸಹಕಾರಿಯಾಗಲಿದೆ.

ಮೈಸೂರು,ಫೆ.16(ಆರ್‌ಕೆ)- ಗ್ರಾಮೀಣ ಭಾಗದ 10 ಸರ್ಕಾರಿ ಶಾಲೆಗಳ 300 ಮಂದಿ ಎಸ್‌ಎಸ್‌ಎಲ್‌ಸಿ ವಿದ್ಯಾರ್ಥಿಗಳಿಗೆ ಉಚಿತವಾಗಿ ಟ್ಯಾಬ್‌ಗಳನ್ನು ವಿತರಿಸಲಾಯಿತು. ಶಿಕ್ಷಣ ಇಲಾಖೆ ಹಾಗೂ ದಾನಿಗಳ ಸಹಯೋಗದಲ್ಲಿ ಆಯೋಜಿಸಿದ್ದ ಕಾರ್ಯಕ್ರಮದಲ್ಲಿ ಶಾಸಕರು ಟ್ಯಾಬ್ ವಿತರಿಸಿ ಮಾತನಾಡಿದರು. ಆನ್‌ಲೈನ್ ಶಿಕ್ಷಣಕ್ಕೆ ಇದು ಸಹಕಾರಿಯಾಗಲಿದೆ.

ಡೀಸೆಲ್, ಬಿಡಿ ಭಾಗಗಳ ಬೆಲೆ ಹೆಚ್ಚಳ ಹಿನ್ನೆಲೆ
ಜೆಸಿಬಿ ಬಾಡಿಗೆ ದರ ಏರಿಕೆಗೆ ಆಗ್ರಹಿಸಿ ಪ್ರತಿಭಟನೆ

ಮೈಸೂರು, ಫೆ.16(ಎಂಕೆ)- ಡೀಸೆಲ್ ದರ ಹಾಗೂ ಬಿಡಿ ಭಾಗಗಳ ಬೆಲೆ ಹೆಚ್ಚಳದ ಹಿನ್ನೆಲೆಯಲ್ಲಿ ಜೆಸಿಬಿ ಬಾಡಿಗೆ ದರ ಏರಿಕೆ ಮಾಡಬೇಕೆಂದು ಒತ್ತಾಯಿಸಿ ಜೆಸಿಬಿ ಮಾಲೀಕರ ಸಂಘದ ಸದಸ್ಯರು ಪ್ರತಿಭಟನೆ ನಡೆಸಿದರು.

ಮೈಸೂರು, ಫೆ.16(ಎಂಕೆ)- ಡೀಸೆಲ್ ದರ ಹಾಗೂ ಬಿಡಿ ಭಾಗಗಳ ಬೆಲೆ ಹೆಚ್ಚಳದ ಹಿನ್ನೆಲೆಯಲ್ಲಿ ಜೆಸಿಬಿ ಬಾಡಿಗೆ ದರ ಏರಿಕೆ ಮಾಡಬೇಕೆಂದು ಒತ್ತಾಯಿಸಿ ಜೆಸಿಬಿ ಮಾಲೀಕರ ಸಂಘದ ಸದಸ್ಯರು ಪ್ರತಿಭಟನೆ ನಡೆಸಿದರು.

ಚಾಮುಂಡಿಬೆಟ್ಟದ ತಪ್ಪಲಿನಲ್ಲಿ ಅಪರಿಚಿತ ವ್ಯಕ್ತಿ ಶವಪತ್ತೆ
ಮೈಸೂರು,ಫೆ.16(ಎಂಕೆ)- ಚಾಮುಂಡಿಬೆಟ್ಟದ ತಪ್ಪಲಿನಲ್ಲಿ ಅಪರಿಚಿತ ವ್ಯಕ್ತಿಯ ಶವ ಪತ್ತೆಯಾಗಿದೆ. ಸುಮಾರು 50 ರಿಂದ 55 ವರ್ಷ ವಯಸ್ಸಿನವರಾಗಿದ್ದು, ವಾರಸುದಾರರು ಇದ್ದಲ್ಲಿ ಠಾಣೆ ಸಂಪರ್ಕಿಸಬಹುದು. ದೂ.0821-2418519/2418531.
ಮತ್ತೆ ವಿದ್ಯುತ್ ದರ ಹೆಚ್ಚಳ ಪ್ರಸ್ತಾಪಕ್ಕೆ ಮಾಜಿ ಮೇಯರ್ ಪುರುಷೋತ್ತಮ್ ಖಂಡನೆ

ಮೈಸೂರು, ಫೆ.16(ಎಸ್‌ಪಿಎನ್)- ರಾಜ್ಯ ಸರ್ಕಾರವು ಮತ್ತೆ ವಿದ್ಯುತ್ ದರ ಹೆಚ್ಚಳ ಮಾಡಲು ಮುಂದಾಗಿರುವುದು ಖಂಡನೀಯ. ಕೊರೊನಾ ಸಂಕಷ್ಟದಲ್ಲಿರುವ ಜನರಿಗೆ ಇದು ಮತ್ತಷ್ಟು ಹೊರೆಯಾಗಲಿದೆ ಎಂದು ಮಾಜಿ ಮೇಯರ್ ಪುರುಷೋತ್ತಮ್ ಹೇಳಿದರು.

ನಗರದ ಪತ್ರಕರ್ತರ ಭವನದಲ್ಲಿ ಸುದ್ದಿಗೋಷ್ಠಿಯಲ್ಲಿ ಮಾತನಾಡಿದ ಅವರು, ಕಳೆದ ವರ್ಷವೂ ವಿದ್ಯುತ್ ದರ ಏರಿಕೆ ಮಾಡಲಾಗಿತ್ತು. ಈಗ ಮತ್ತೆ ಹೆಚ್ಚಳ ಪ್ರಸ್ತಾಪ ಸರಿಯಲ್ಲ. ಸರ್ಕಾರ ಕೂಡಲೇ ಈ ಪ್ರಸ್ತಾಪವನ್ನು ಕೈಬಿಡಬೇಕು ಎಂದು ಒತ್ತಾಯಿಸಿದರು.

ಮೈಸೂರು, ಫೆ.16(ಎಸ್‌ಪಿಎನ್)- ರಾಜ್ಯ ಸರ್ಕಾರವು ಮತ್ತೆ ವಿದ್ಯುತ್ ದರ ಹೆಚ್ಚಳ ಮಾಡಲು ಮುಂದಾಗಿರುವುದು ಖಂಡನೀಯ. ಕೊರೊನಾ ಸಂಕಷ್ಟದಲ್ಲಿರುವ ಜನರಿಗೆ ಇದು ಮತ್ತಷ್ಟು ಹೊರೆಯಾಗಲಿದೆ ಎಂದು ಮಾಜಿ ಮೇಯರ್ ಪುರುಷೋತ್ತಮ್ ಹೇಳಿದರು.

ಗೋಷ್ಠಿಯಲ್ಲಿ ಮುಖಂಡರು ಹಾಜರಿದ್ದರು. ವಿದ್ಯುತ್ ಸರಬರಾಜು ಕಂಪನಿಗಳ ನಷ್ಟವನ್ನು ಗ್ರಾಹಕರ ಮೇಲೆ ಹೇರುವುದು ಸರಿಯಲ್ಲ. ಕೃಷಿ ಪಂಪ್‌ಸೆಟ್‌ಗಳಿಗೆ ನಿರಂತರ ವಿದ್ಯುತ್ ಪೂರೈಸಬೇಕು ಎಂದರು.

ನಗರದ ಪತ್ರಕರ್ತರ ಭವನದಲ್ಲಿ ಸುದ್ದಿಗೋಷ್ಠಿಯಲ್ಲಿ ಮಾತನಾಡಿದ ಅವರು, ಕಳೆದ ವರ್ಷವೂ ವಿದ್ಯುತ್ ದರ ಏರಿಕೆ ಮಾಡಲಾಗಿತ್ತು. ಈಗ ಮತ್ತೆ ಹೆಚ್ಚಳ ಪ್ರಸ್ತಾಪ ಸರಿಯಲ್ಲ. ಸರ್ಕಾರ ಕೂಡಲೇ ಈ ಪ್ರಸ್ತಾಪವನ್ನು ಕೈಬಿಡಬೇಕು ಎಂದು ಒತ್ತಾಯಿಸಿದರು.

ಗೋಷ್ಠಿಯಲ್ಲಿ ಮುಖಂಡರು ಹಾಜರಿದ್ದರು. ವಿದ್ಯುತ್ ಸರಬರಾಜು ಕಂಪನಿಗಳ ನಷ್ಟವನ್ನು ಗ್ರಾಹಕರ ಮೇಲೆ ಹೇರುವುದು ಸರಿಯಲ್ಲ. ಕೃಷಿ ಪಂಪ್‌ಸೆಟ್‌ಗಳಿಗೆ ನಿರಂತರ ವಿದ್ಯುತ್ ಪೂರೈಸಬೇಕು ಎಂದರು.

ಮೈಸೂರು, ಫೆ.16(ಎಸ್‌ಪಿಎನ್)- ರಾಜ್ಯ ಸರ್ಕಾರವು ಮತ್ತೆ ವಿದ್ಯುತ್ ದರ ಹೆಚ್ಚಳ ಮಾಡಲು ಮುಂದಾಗಿರುವುದು ಖಂಡನೀಯ. ಕೊರೊನಾ ಸಂಕಷ್ಟದಲ್ಲಿರುವ ಜನರಿಗೆ ಇದು ಮತ್ತಷ್ಟು ಹೊರೆಯಾಗಲಿದೆ ಎಂದು ಮಾಜಿ ಮೇಯರ್ ಪುರುಷೋತ್ತಮ್ ಹೇಳಿದರು.

ಗೋಷ್ಠಿಯಲ್ಲಿ ಮುಖಂಡರು ಹಾಜರಿದ್ದರು. ವಿದ್ಯುತ್ ಸರಬರಾಜು ಕಂಪನಿಗಳ ನಷ್ಟವನ್ನು ಗ್ರಾಹಕರ ಮೇಲೆ ಹೇರುವುದು ಸರಿಯಲ್ಲ. ಕೃಷಿ ಪಂಪ್‌ಸೆಟ್‌ಗಳಿಗೆ ನಿರಂತರ ವಿದ್ಯುತ್ ಪೂರೈಸಬೇಕು ಎಂದರು.

ನಗರದ ಪತ್ರಕರ್ತರ ಭವನದಲ್ಲಿ ಸುದ್ದಿಗೋಷ್ಠಿಯಲ್ಲಿ ಮಾತನಾಡಿದ ಅವರು, ಕಳೆದ ವರ್ಷವೂ ವಿದ್ಯುತ್ ದರ ಏರಿಕೆ ಮಾಡಲಾಗಿತ್ತು. ಈಗ ಮತ್ತೆ ಹೆಚ್ಚಳ ಪ್ರಸ್ತಾಪ ಸರಿಯಲ್ಲ. ಸರ್ಕಾರ ಕೂಡಲೇ ಈ ಪ್ರಸ್ತಾಪವನ್ನು ಕೈಬಿಡಬೇಕು ಎಂದು ಒತ್ತಾಯಿಸಿದರು.

ಮೈಸೂರು, ಫೆ.16(ಎಸ್‌ಪಿಎನ್)- ರಾಜ್ಯ ಸರ್ಕಾರವು ಮತ್ತೆ ವಿದ್ಯುತ್ ದರ ಹೆಚ್ಚಳ ಮಾಡಲು ಮುಂದಾಗಿರುವುದು ಖಂಡನೀಯ. ಕೊರೊನಾ ಸಂಕಷ್ಟದಲ್ಲಿರುವ ಜನರಿಗೆ ಇದು ಮತ್ತಷ್ಟು ಹೊರೆಯಾಗಲಿದೆ ಎಂದು ಮಾಜಿ ಮೇಯರ್ ಪುರುಷೋತ್ತಮ್ ಹೇಳಿದರು.

ಗೋಷ್ಠಿಯಲ್ಲಿ ಮುಖಂಡರು ಹಾಜರಿದ್ದರು. ವಿದ್ಯುತ್ ಸರಬರಾಜು ಕಂಪನಿಗಳ ನಷ್ಟವನ್ನು ಗ್ರಾಹಕರ ಮೇಲೆ ಹೇರುವುದು ಸರಿಯಲ್ಲ. ಕೃಷಿ ಪಂಪ್‌ಸೆಟ್‌ಗಳಿಗೆ ನಿರಂತರ ವಿದ್ಯುತ್ ಪೂರೈಸಬೇಕು ಎಂದರು.
